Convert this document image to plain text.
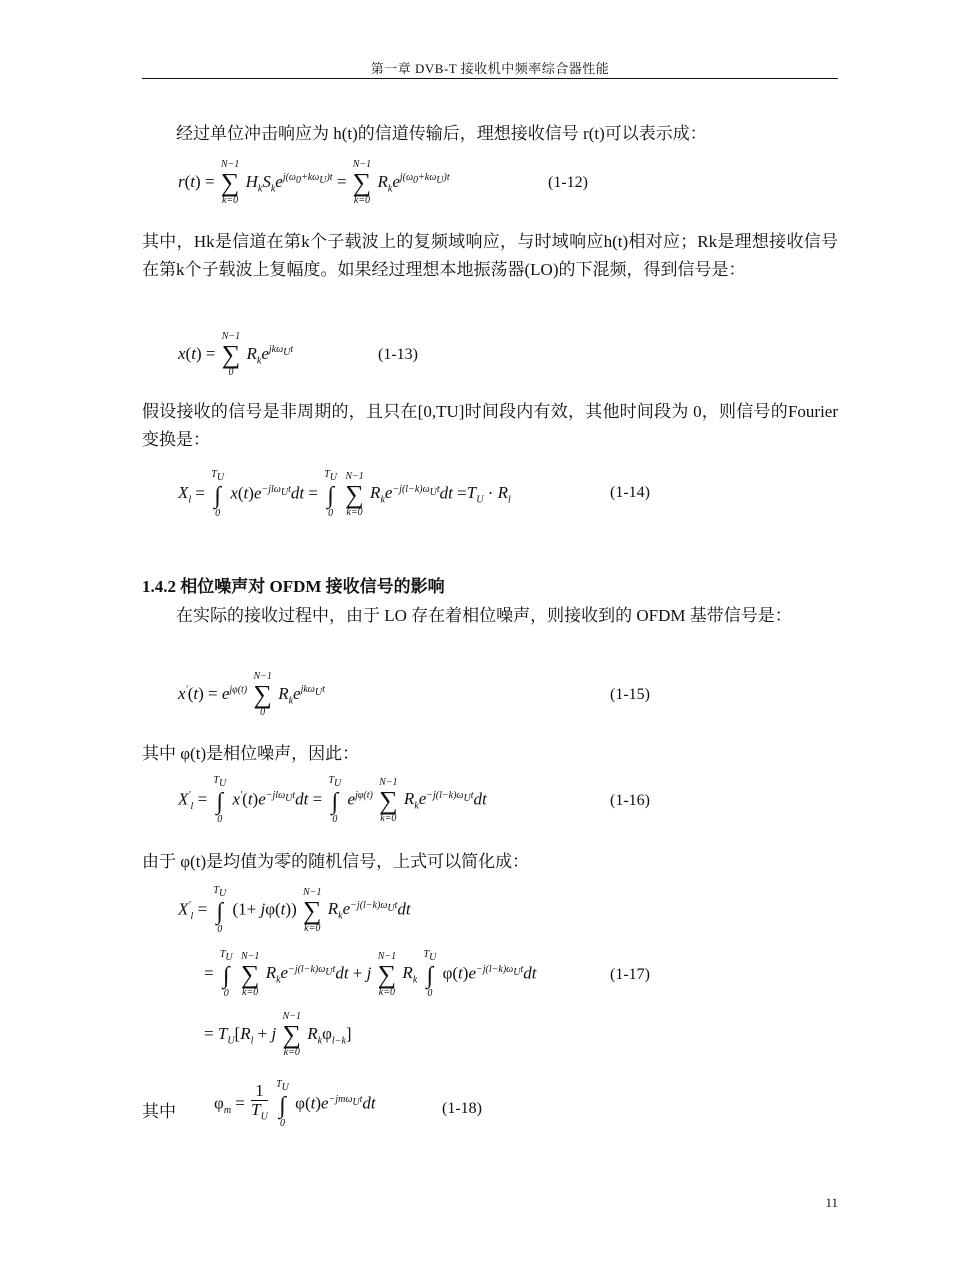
第一章 DVB-T 接收机中频率综合器性能
经过单位冲击响应为 h(t)的信道传输后，理想接收信号 r(t)可以表示成：
r(t) =
N−1
∑
k=0
$H_kS_ke^{j(\omega_0+k\omega_U)t}$ =
N−1
∑
k=0
$R_ke^{j(\omega_0+k\omega_U)t}$	(1-12)
其中，Hk是信道在第k个子载波上的复频域响应，与时域响应h(t)相对应；Rk是理想接收信号在第k个子载波上复幅度。如果经过理想本地振荡器(LO)的下混频，得到信号是：
x(t) =
N−1
∑
0
$R_ke^{jk\omega_Ut}$	(1-13)
假设接收的信号是非周期的，且只在[0,TU]时间段内有效，其他时间段为 0，则信号的Fourier变换是：
$X_l$ =
$T_U$
∫
0
$x(t)e^{-jl\omega_Ut}dt$ =
$T_U$
∫
0

N−1
∑
k=0
$R_ke^{-j(l-k)\omega_Ut}dt =T_U \cdot R_l$	(1-14)
1.4.2 相位噪声对 OFDM 接收信号的影响
在实际的接收过程中，由于 LO 存在着相位噪声，则接收到的 OFDM 基带信号是：
$x'(t) = e^{j\varphi(t)}$
N−1
∑
0
$R_ke^{jk\omega_Ut}$	(1-15)
其中 φ(t)是相位噪声，因此：
$X'_l$ =
$T_U$
∫
0
$x'(t)e^{-jl\omega_Ut}dt$ =
$T_U$
∫
0
$e^{j\varphi(t)}$
N−1
∑
k=0
$R_ke^{-j(l-k)\omega_Ut}dt$	(1-16)
由于 φ(t)是均值为零的随机信号，上式可以简化成：
$X'_l$ =
$T_U$
∫
0
(1+ jφ(t))
N−1
∑
k=0
$R_ke^{-j(l-k)\omega_Ut}dt$
=
$T_U$
∫
0

N−1
∑
k=0
$R_ke^{-j(l-k)\omega_Ut}dt + j$
N−1
∑
k=0
$R_k$
$T_U$
∫
0
$\varphi(t)e^{-j(l-k)\omega_Ut}dt$	(1-17)
= $T_U[R_l + j$
N−1
∑
k=0
$R_k\varphi_{l-k}$]
其中	$\varphi_m = \frac{1}{T_U}$
$T_U$
∫
0
$\varphi(t)e^{-jm\omega_Ut}dt$	(1-18)
11
